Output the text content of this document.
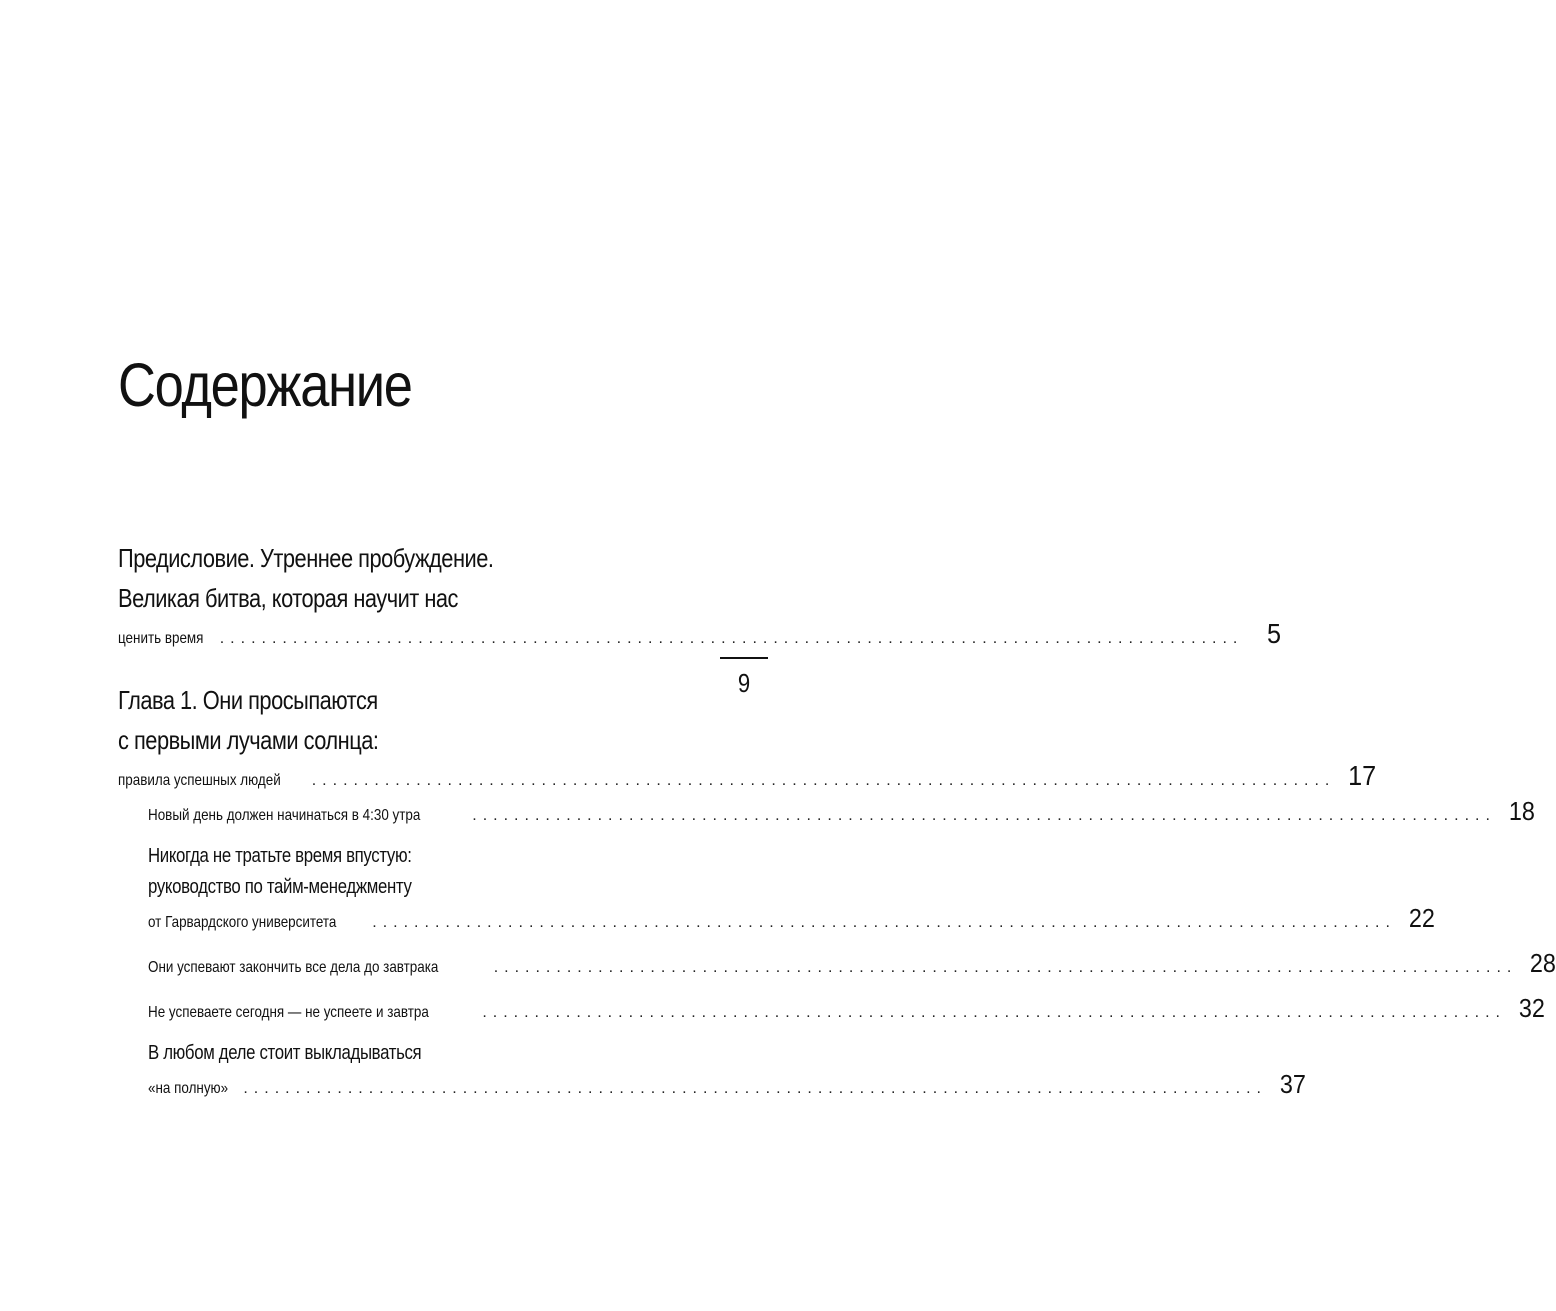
Содержание
Предисловие. Утреннее пробуждение.
Великая битва, которая научит нас
ценить время .................................................................................................. 5
Глава 1. Они просыпаются
с первыми лучами солнца:
правила успешных людей .................................................................................................. 17
Новый день должен начинаться в 4:30 утра	.................................................................................................. 18
Никогда не тратьте время впустую:
руководство по тайм-менеджменту
от Гарвардского университета .................................................................................................. 22
Они успевают закончить все дела до завтрака	.................................................................................................. 28
Не успеваете сегодня — не успеете и завтра	.................................................................................................. 32
В любом деле стоит выкладываться
«на полную» .................................................................................................. 37
9
